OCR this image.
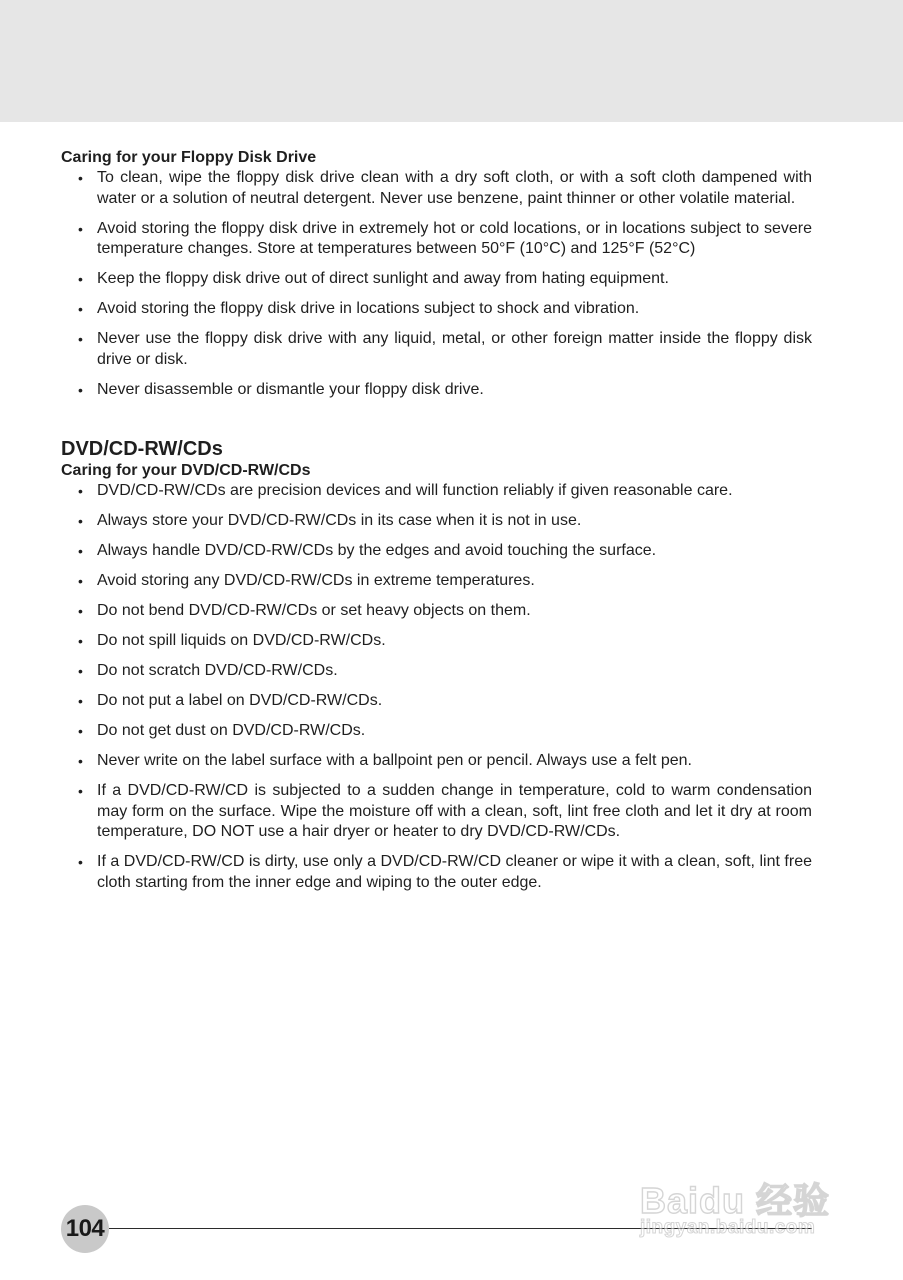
Caring for your Floppy Disk Drive
• To clean, wipe the floppy disk drive clean with a dry soft cloth, or with a soft cloth dampened with water or a solution of neutral detergent. Never use benzene, paint thinner or other volatile material.
• Avoid storing the floppy disk drive in extremely hot or cold locations, or in locations subject to severe temperature changes. Store at temperatures between 50°F (10°C) and 125°F (52°C)
• Keep the floppy disk drive out of direct sunlight and away from hating equipment.
• Avoid storing the floppy disk drive in locations subject to shock and vibration.
• Never use the floppy disk drive with any liquid, metal, or other foreign matter inside the floppy disk drive or disk.
• Never disassemble or dismantle your floppy disk drive.
DVD/CD-RW/CDs
Caring for your DVD/CD-RW/CDs
• DVD/CD-RW/CDs are precision devices and will function reliably if given reasonable care.
• Always store your DVD/CD-RW/CDs in its case when it is not in use.
• Always handle DVD/CD-RW/CDs by the edges and avoid touching the surface.
• Avoid storing any DVD/CD-RW/CDs in extreme temperatures.
• Do not bend DVD/CD-RW/CDs or set heavy objects on them.
• Do not spill liquids on DVD/CD-RW/CDs.
• Do not scratch DVD/CD-RW/CDs.
• Do not put a label on DVD/CD-RW/CDs.
• Do not get dust on DVD/CD-RW/CDs.
• Never write on the label surface with a ballpoint pen or pencil. Always use a felt pen.
• If a DVD/CD-RW/CD is subjected to a sudden change in temperature, cold to warm condensation may form on the surface. Wipe the moisture off with a clean, soft, lint free cloth and let it dry at room temperature, DO NOT use a hair dryer or heater to dry DVD/CD-RW/CDs.
• If a DVD/CD-RW/CD is dirty, use only a DVD/CD-RW/CD cleaner or wipe it with a clean, soft, lint free cloth starting from the inner edge and wiping to the outer edge.
104
Baidu 经验
jingyan.baidu.com
